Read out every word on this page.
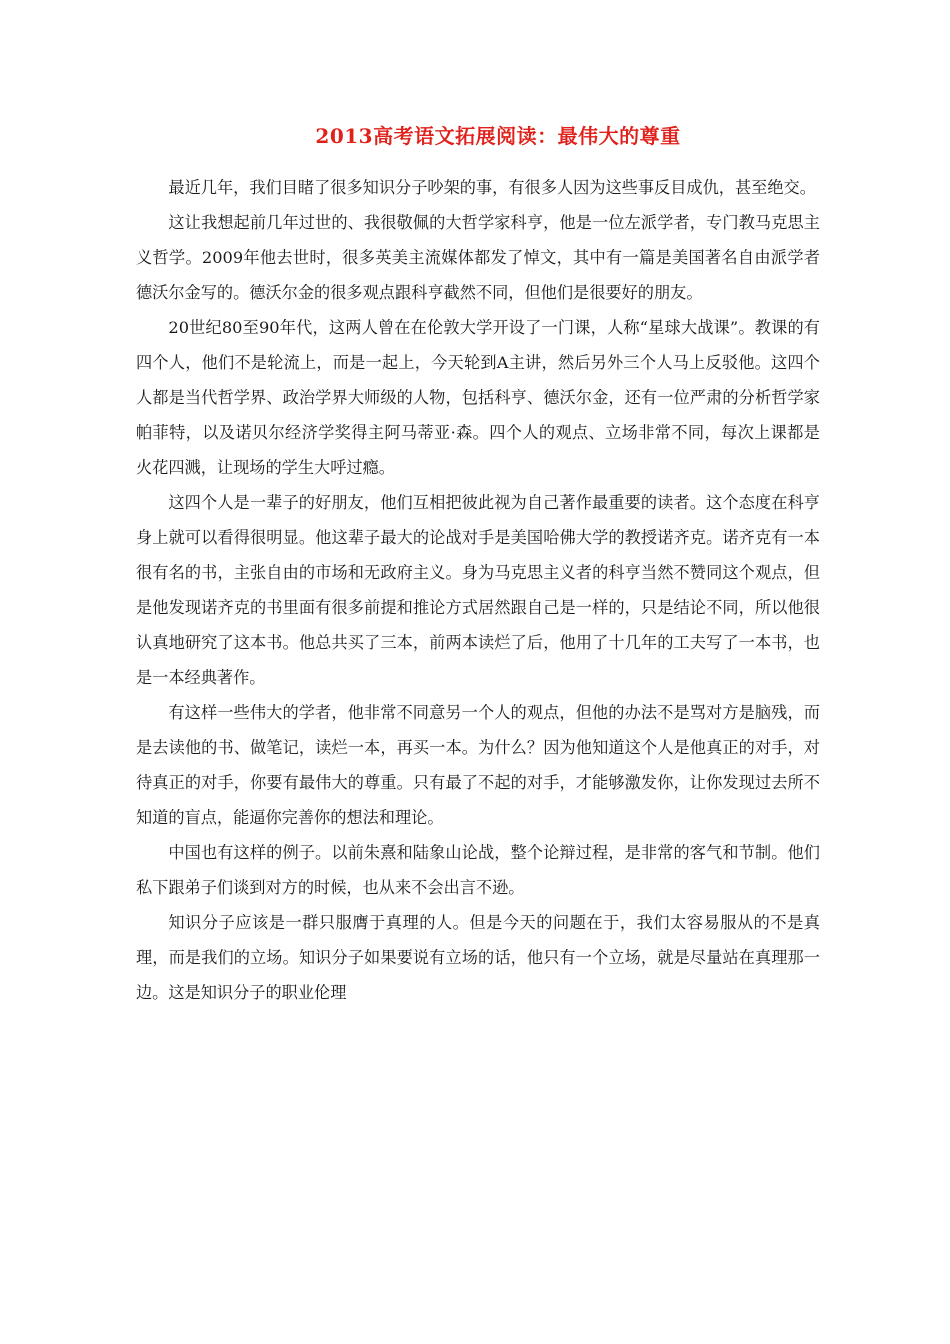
2013高考语文拓展阅读：最伟大的尊重

最近几年，我们目睹了很多知识分子吵架的事，有很多人因为这些事反目成仇，甚至绝交。

这让我想起前几年过世的、我很敬佩的大哲学家科亨，他是一位左派学者，专门教马克思主义哲学。2009年他去世时，很多英美主流媒体都发了悼文，其中有一篇是美国著名自由派学者德沃尔金写的。德沃尔金的很多观点跟科亨截然不同，但他们是很要好的朋友。

20世纪80至90年代，这两人曾在在伦敦大学开设了一门课，人称“星球大战课”。教课的有四个人，他们不是轮流上，而是一起上，今天轮到A主讲，然后另外三个人马上反驳他。这四个人都是当代哲学界、政治学界大师级的人物，包括科亨、德沃尔金，还有一位严肃的分析哲学家帕菲特，以及诺贝尔经济学奖得主阿马蒂亚·森。四个人的观点、立场非常不同，每次上课都是火花四溅，让现场的学生大呼过瘾。

这四个人是一辈子的好朋友，他们互相把彼此视为自己著作最重要的读者。这个态度在科亨身上就可以看得很明显。他这辈子最大的论战对手是美国哈佛大学的教授诺齐克。诺齐克有一本很有名的书，主张自由的市场和无政府主义。身为马克思主义者的科亨当然不赞同这个观点，但是他发现诺齐克的书里面有很多前提和推论方式居然跟自己是一样的，只是结论不同，所以他很认真地研究了这本书。他总共买了三本，前两本读烂了后，他用了十几年的工夫写了一本书，也是一本经典著作。

有这样一些伟大的学者，他非常不同意另一个人的观点，但他的办法不是骂对方是脑残，而是去读他的书、做笔记，读烂一本，再买一本。为什么？因为他知道这个人是他真正的对手，对待真正的对手，你要有最伟大的尊重。只有最了不起的对手，才能够激发你，让你发现过去所不知道的盲点，能逼你完善你的想法和理论。

中国也有这样的例子。以前朱熹和陆象山论战，整个论辩过程，是非常的客气和节制。他们私下跟弟子们谈到对方的时候，也从来不会出言不逊。

知识分子应该是一群只服膺于真理的人。但是今天的问题在于，我们太容易服从的不是真理，而是我们的立场。知识分子如果要说有立场的话，他只有一个立场，就是尽量站在真理那一边。这是知识分子的职业伦理
